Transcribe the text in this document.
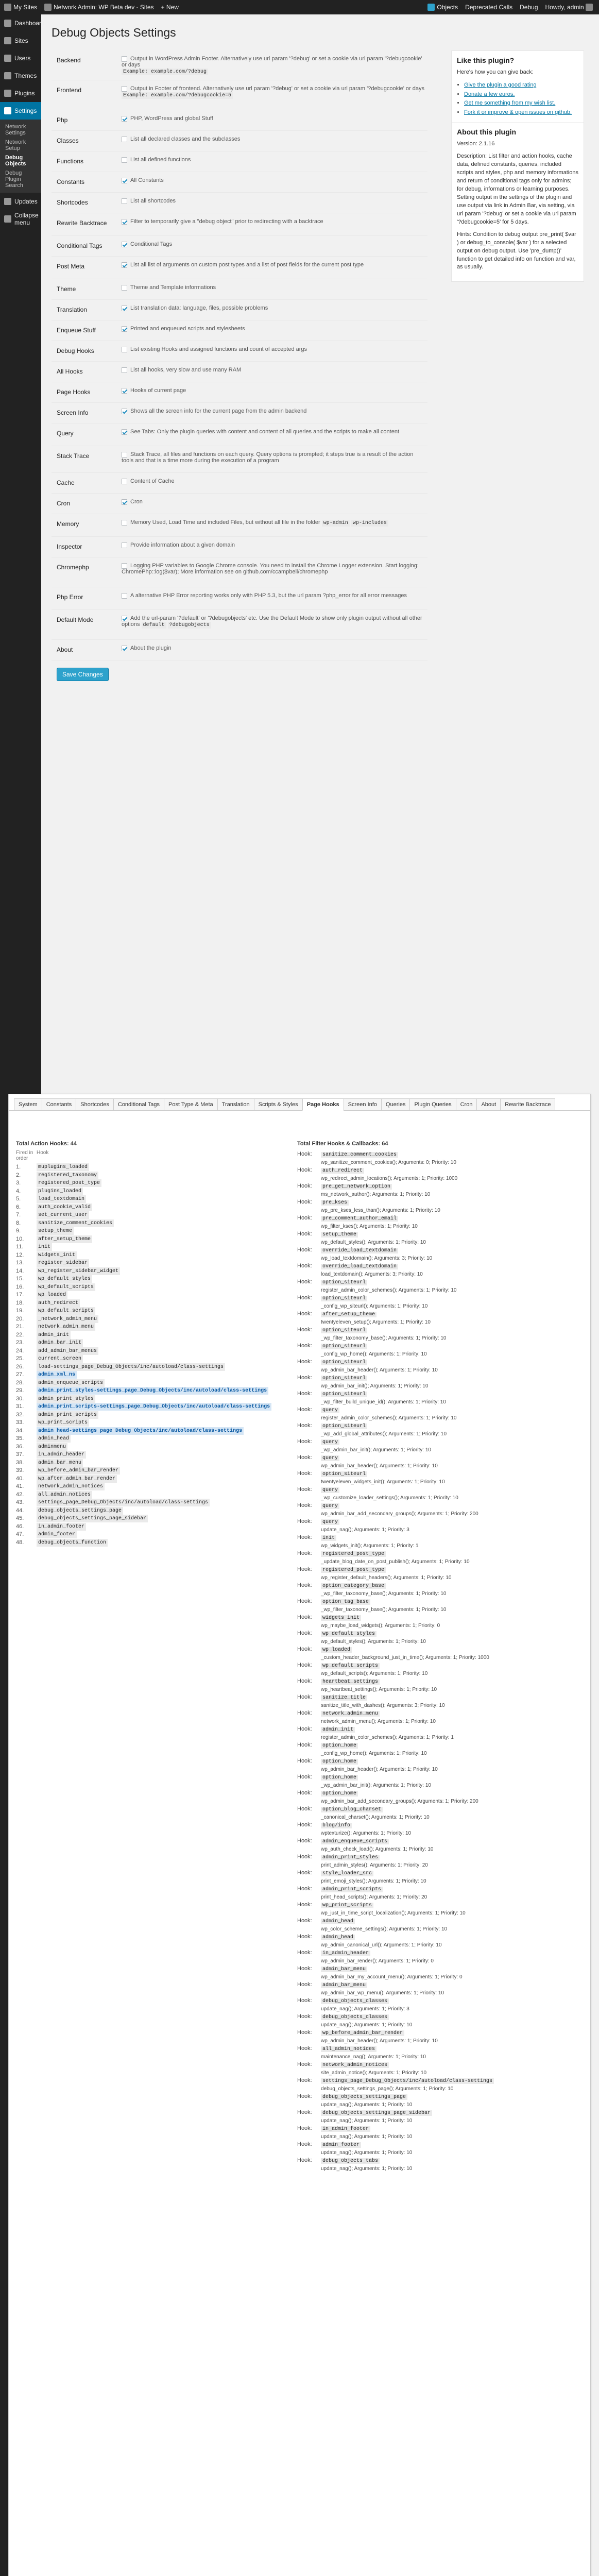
My Sites	Network Admin: WP Beta dev - Sites + New	Objects Deprecated Calls Debug Howdy, admin
Dashboard
Sites
Users
Themes
Plugins
Settings
Network Settings
Network Setup
Debug Objects
Debug Plugin Search
Updates
Collapse menu
Debug Objects Settings
Backend	Output in WordPress Admin Footer. Alternatively use url param '?debug' or set a cookie via url param '?debugcookie' or days
Example: example.com/?debug
Frontend	Output in Footer of frontend. Alternatively use url param '?debug' or set a cookie via url param '?debugcookie' or days
Example: example.com/?debugcookie=5
Php	PHP, WordPress and global Stuff
Classes	List all declared classes and the subclasses
Functions	List all defined functions
Constants	All Constants
Shortcodes	List all shortcodes
Rewrite Backtrace	Filter to temporarily give a "debug object" prior to redirecting with a backtrace
Conditional Tags	Conditional Tags
Post Meta	List all list of arguments on custom post types and a list of post fields for the current post type
Theme	Theme and Template informations
Translation	List translation data: language, files, possible problems
Enqueue Stuff	Printed and enqueued scripts and stylesheets
Debug Hooks	List existing Hooks and assigned functions and count of accepted args
All Hooks	List all hooks, very slow and use many RAM
Page Hooks	Hooks of current page
Screen Info	Shows all the screen info for the current page from the admin backend
Query	See Tabs: Only the plugin queries with content and content of all queries and the scripts to make all content
Stack Trace	Stack Trace, all files and functions on each query. Query options is prompted; it steps true is a result of the action tools and that is a time more during the execution of a program
Cache	Content of Cache
Cron	Cron
Memory	Memory Used, Load Time and included Files, but without all file in the folder wp-admin wp-includes
Inspector	Provide information about a given domain
Chromephp	Logging PHP variables to Google Chrome console. You need to install the Chrome Logger extension. Start logging: ChromePhp::log($var); More information see on github.com/ccampbell/chromephp
Php Error	A alternative PHP Error reporting works only with PHP 5.3, but the url param ?php_error for all error messages
Default Mode	Add the url-param '?default' or '?debugobjects' etc. Use the Default Mode to show only plugin output without all other options default ?debugobjects
About	About the plugin
Save Changes
Like this plugin?

Here's how you can give back:

• Give the plugin a good rating
• Donate a few euros.
• Get me something from my wish list.
• Fork it or improve & open issues on github.
About this plugin

Version: 2.1.16

Description: List filter and action hooks, cache data, defined constants, queries, included scripts and styles, php and memory informations and return of conditional tags only for admins; for debug, informations or learning purposes. Setting output in the settings of the plugin and use output via link in Admin Bar, via setting, via url param '?debug' or set a cookie via url param '?debugcookie=5' for 5 days.

Hints: Condition to debug output pre_print( $var ) or debug_to_console( $var ) for a selected output on debug output. Use 'pre_dump()' function to get detailed info on function and var, as usually.

System	Constants	Shortcodes	Conditional Tags	Post Type & Meta	Translation	Scripts & Styles	Page Hooks	Screen Info	Queries	Plugin Queries	Cron	About	Rewrite Backtrace
Total Action Hooks: 44
Fired in order
Hook
1.	muplugins_loaded
2.	registered_taxonomy
3.	registered_post_type
4.	plugins_loaded
5.	load_textdomain
6.	auth_cookie_valid
7.	set_current_user
8.	sanitize_comment_cookies
9.	setup_theme
10.	after_setup_theme
11.	init
12.	widgets_init
13.	register_sidebar
14.	wp_register_sidebar_widget
15.	wp_default_styles
16.	wp_default_scripts
17.	wp_loaded
18.	auth_redirect
19.	wp_default_scripts
20.	_network_admin_menu
21.	network_admin_menu
22.	admin_init
23.	admin_bar_init
24.	add_admin_bar_menus
25.	current_screen
26.	load-settings_page_Debug_Objects/inc/autoload/class-settings
27.	admin_xml_ns
28.	admin_enqueue_scripts
29.	admin_print_styles-settings_page_Debug_Objects/inc/autoload/class-settings
30.	admin_print_styles
31.	admin_print_scripts-settings_page_Debug_Objects/inc/autoload/class-settings
32.	admin_print_scripts
33.	wp_print_scripts
34.	admin_head-settings_page_Debug_Objects/inc/autoload/class-settings
35.	admin_head
36.	adminmenu
37.	in_admin_header
38.	admin_bar_menu
39.	wp_before_admin_bar_render
40.	wp_after_admin_bar_render
41.	network_admin_notices
42.	all_admin_notices
43.	settings_page_Debug_Objects/inc/autoload/class-settings
44.	debug_objects_settings_page
45.	debug_objects_settings_page_sidebar
46.	in_admin_footer
47.	admin_footer
48.	debug_objects_function
Total Filter Hooks & Callbacks: 64
Hook: sanitize_comment_cookies
wp_sanitize_comment_cookies(); Arguments: 0; Priority: 10
Hook: auth_redirect
wp_redirect_admin_locations(); Arguments: 1; Priority: 1000
Hook: pre_get_network_option
ms_network_author(); Arguments: 1; Priority: 10
Hook: pre_kses
wp_pre_kses_less_than(); Arguments: 1; Priority: 10
Hook: pre_comment_author_email
wp_filter_kses(); Arguments: 1; Priority: 10
Hook: setup_theme
wp_default_styles(); Arguments: 1; Priority: 10
Hook: override_load_textdomain
wp_load_textdomain(); Arguments: 3; Priority: 10
Hook: override_load_textdomain
load_textdomain(); Arguments: 3; Priority: 10
Hook: option_siteurl
register_admin_color_schemes(); Arguments: 1; Priority: 10
Hook: option_siteurl
_config_wp_siteurl(); Arguments: 1; Priority: 10
Hook: after_setup_theme
twentyeleven_setup(); Arguments: 1; Priority: 10
Hook: option_siteurl
_wp_filter_taxonomy_base(); Arguments: 1; Priority: 10
Hook: option_siteurl
_config_wp_home(); Arguments: 1; Priority: 10
Hook: option_siteurl
wp_admin_bar_header(); Arguments: 1; Priority: 10
Hook: option_siteurl
wp_admin_bar_init(); Arguments: 1; Priority: 10
Hook: option_siteurl
_wp_filter_build_unique_id(); Arguments: 1; Priority: 10
Hook: query
register_admin_color_schemes(); Arguments: 1; Priority: 10
Hook: option_siteurl
_wp_add_global_attributes(); Arguments: 1; Priority: 10
Hook: query
_wp_admin_bar_init(); Arguments: 1; Priority: 10
Hook: query
wp_admin_bar_header(); Arguments: 1; Priority: 10
Hook: option_siteurl
twentyeleven_widgets_init(); Arguments: 1; Priority: 10
Hook: query
_wp_customize_loader_settings(); Arguments: 1; Priority: 10
Hook: query
wp_admin_bar_add_secondary_groups(); Arguments: 1; Priority: 200
Hook: query
update_nag(); Arguments: 1; Priority: 3
Hook: init
wp_widgets_init(); Arguments: 1; Priority: 1
Hook: registered_post_type
_update_blog_date_on_post_publish(); Arguments: 1; Priority: 10
Hook: registered_post_type
wp_register_default_headers(); Arguments: 1; Priority: 10
Hook: option_category_base
_wp_filter_taxonomy_base(); Arguments: 1; Priority: 10
Hook: option_tag_base
_wp_filter_taxonomy_base(); Arguments: 1; Priority: 10
Hook: widgets_init
wp_maybe_load_widgets(); Arguments: 1; Priority: 0
Hook: wp_default_styles
wp_default_styles(); Arguments: 1; Priority: 10
Hook: wp_loaded
_custom_header_background_just_in_time(); Arguments: 1; Priority: 1000
Hook: wp_default_scripts
wp_default_scripts(); Arguments: 1; Priority: 10
Hook: heartbeat_settings
wp_heartbeat_settings(); Arguments: 1; Priority: 10
Hook: sanitize_title
sanitize_title_with_dashes(); Arguments: 3; Priority: 10
Hook: network_admin_menu
network_admin_menu(); Arguments: 1; Priority: 10
Hook: admin_init
register_admin_color_schemes(); Arguments: 1; Priority: 1
Hook: option_home
_config_wp_home(); Arguments: 1; Priority: 10
Hook: option_home
wp_admin_bar_header(); Arguments: 1; Priority: 10
Hook: option_home
_wp_admin_bar_init(); Arguments: 1; Priority: 10
Hook: option_home
wp_admin_bar_add_secondary_groups(); Arguments: 1; Priority: 200
Hook: option_blog_charset
_canonical_charset(); Arguments: 1; Priority: 10
Hook: blog/info
wptexturize(); Arguments: 1; Priority: 10
Hook: admin_enqueue_scripts
wp_auth_check_load(); Arguments: 1; Priority: 10
Hook: admin_print_styles
print_admin_styles(); Arguments: 1; Priority: 20
Hook: style_loader_src
print_emoji_styles(); Arguments: 1; Priority: 10
Hook: admin_print_scripts
print_head_scripts(); Arguments: 1; Priority: 20
Hook: wp_print_scripts
wp_just_in_time_script_localization(); Arguments: 1; Priority: 10
Hook: admin_head
wp_color_scheme_settings(); Arguments: 1; Priority: 10
Hook: admin_head
wp_admin_canonical_url(); Arguments: 1; Priority: 10
Hook: in_admin_header
wp_admin_bar_render(); Arguments: 1; Priority: 0
Hook: admin_bar_menu
wp_admin_bar_my_account_menu(); Arguments: 1; Priority: 0
Hook: admin_bar_menu
wp_admin_bar_wp_menu(); Arguments: 1; Priority: 10
Hook: debug_objects_classes
update_nag(); Arguments: 1; Priority: 3
Hook: debug_objects_classes
update_nag(); Arguments: 1; Priority: 10
Hook: wp_before_admin_bar_render
wp_admin_bar_header(); Arguments: 1; Priority: 10
Hook: all_admin_notices
maintenance_nag(); Arguments: 1; Priority: 10
Hook: network_admin_notices
site_admin_notice(); Arguments: 1; Priority: 10
Hook: settings_page_Debug_Objects/inc/autoload/class-settings
debug_objects_settings_page(); Arguments: 1; Priority: 10
Hook: debug_objects_settings_page
update_nag(); Arguments: 1; Priority: 10
Hook: debug_objects_settings_page_sidebar
update_nag(); Arguments: 1; Priority: 10
Hook: in_admin_footer
update_nag(); Arguments: 1; Priority: 10
Hook: admin_footer
update_nag(); Arguments: 1; Priority: 10
Hook: debug_objects_tabs
update_nag(); Arguments: 1; Priority: 10
